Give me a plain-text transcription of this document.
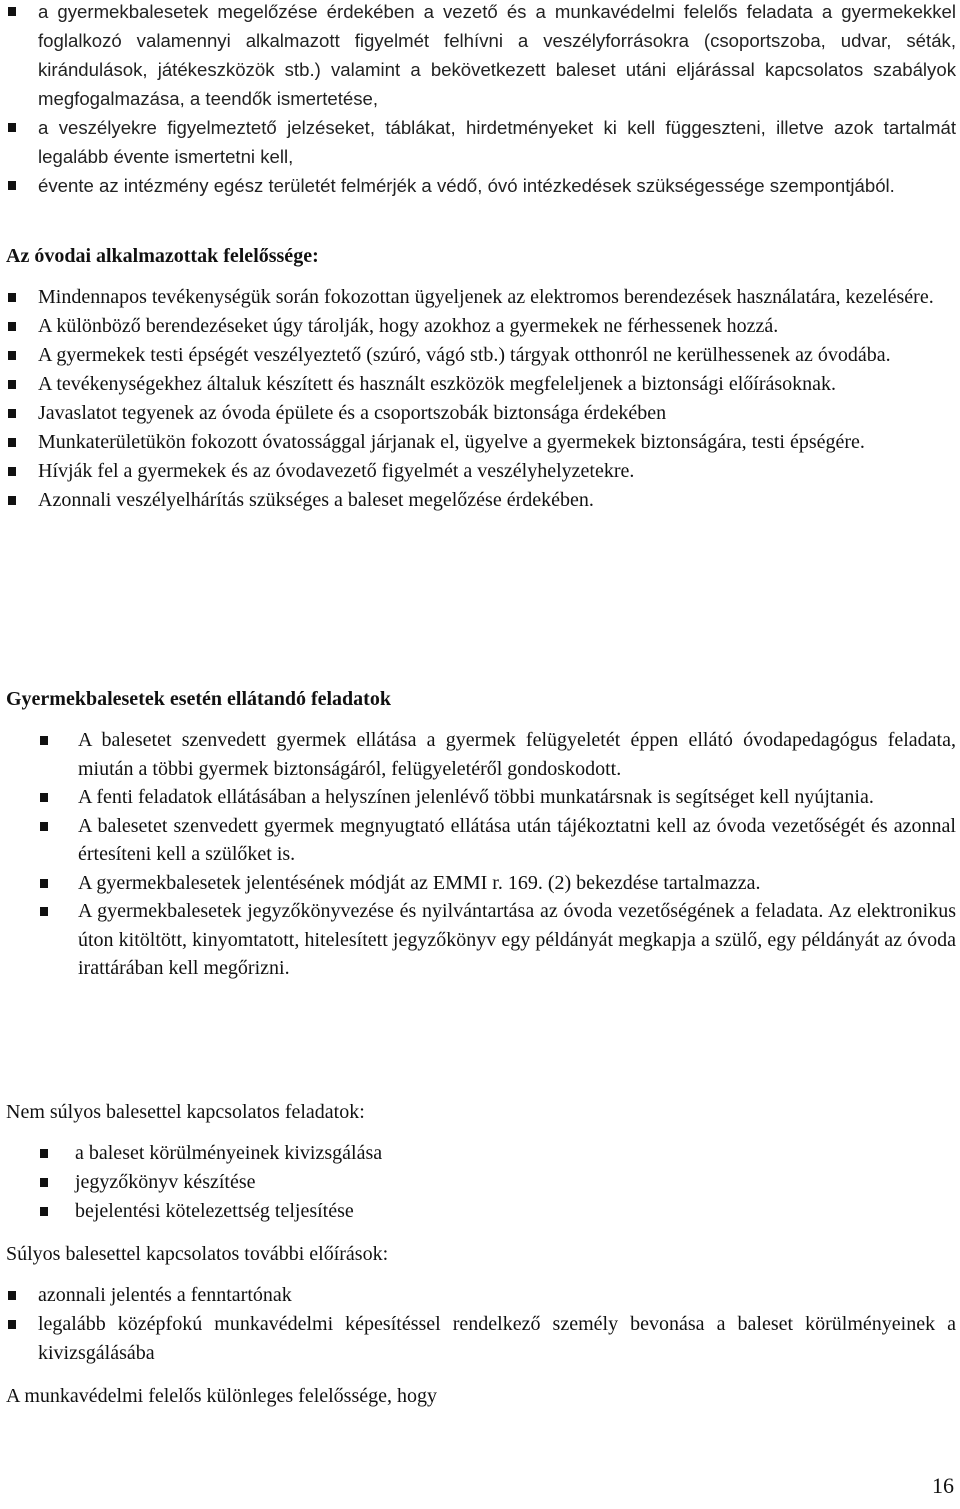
a gyermekbalesetek megelőzése érdekében a vezető és a munkavédelmi felelős feladata a gyermekekkel foglalkozó valamennyi alkalmazott figyelmét felhívni a veszélyforrásokra (csoportszoba, udvar, séták, kirándulások, játékeszközök stb.) valamint a bekövetkezett baleset utáni eljárással kapcsolatos szabályok megfogalmazása, a teendők ismertetése,
a veszélyekre figyelmeztető jelzéseket, táblákat, hirdetményeket ki kell függeszteni, illetve azok tartalmát legalább évente ismertetni kell,
évente az intézmény egész területét felmérjék a védő, óvó intézkedések szükségessége szempontjából.
Az óvodai alkalmazottak felelőssége:
Mindennapos tevékenységük során fokozottan ügyeljenek az elektromos berendezések használatára, kezelésére.
A különböző berendezéseket úgy tárolják, hogy azokhoz a gyermekek ne férhessenek hozzá.
A gyermekek testi épségét veszélyeztető (szúró, vágó stb.) tárgyak otthonról ne kerülhessenek az óvodába.
A tevékenységekhez általuk készített és használt eszközök megfeleljenek a biztonsági előírásoknak.
Javaslatot tegyenek az óvoda épülete és a csoportszobák biztonsága érdekében
Munkaterületükön fokozott óvatossággal járjanak el, ügyelve a gyermekek biztonságára, testi épségére.
Hívják fel a gyermekek és az óvodavezető figyelmét a veszélyhelyzetekre.
Azonnali veszélyelhárítás szükséges a baleset megelőzése érdekében.
Gyermekbalesetek esetén ellátandó feladatok
A balesetet szenvedett gyermek ellátása a gyermek felügyeletét éppen ellátó óvodapedagógus feladata, miután a többi gyermek biztonságáról, felügyeletéről gondoskodott.
A fenti feladatok ellátásában a helyszínen jelenlévő többi munkatársnak is segítséget kell nyújtania.
A balesetet szenvedett gyermek megnyugtató ellátása után tájékoztatni kell az óvoda vezetőségét és azonnal értesíteni kell a szülőket is.
A gyermekbalesetek jelentésének módját az EMMI r. 169. (2) bekezdése tartalmazza.
A gyermekbalesetek jegyzőkönyvezése és nyilvántartása az óvoda vezetőségének a feladata. Az elektronikus úton kitöltött, kinyomtatott, hitelesített jegyzőkönyv egy példányát megkapja a szülő, egy példányát az óvoda irattárában kell megőrizni.
Nem súlyos balesettel kapcsolatos feladatok:
a baleset körülményeinek kivizsgálása
jegyzőkönyv készítése
bejelentési kötelezettség teljesítése
Súlyos balesettel kapcsolatos további előírások:
azonnali jelentés a fenntartónak
legalább középfokú munkavédelmi képesítéssel rendelkező személy bevonása a baleset körülményeinek a kivizsgálásába
A munkavédelmi felelős különleges felelőssége, hogy
16
